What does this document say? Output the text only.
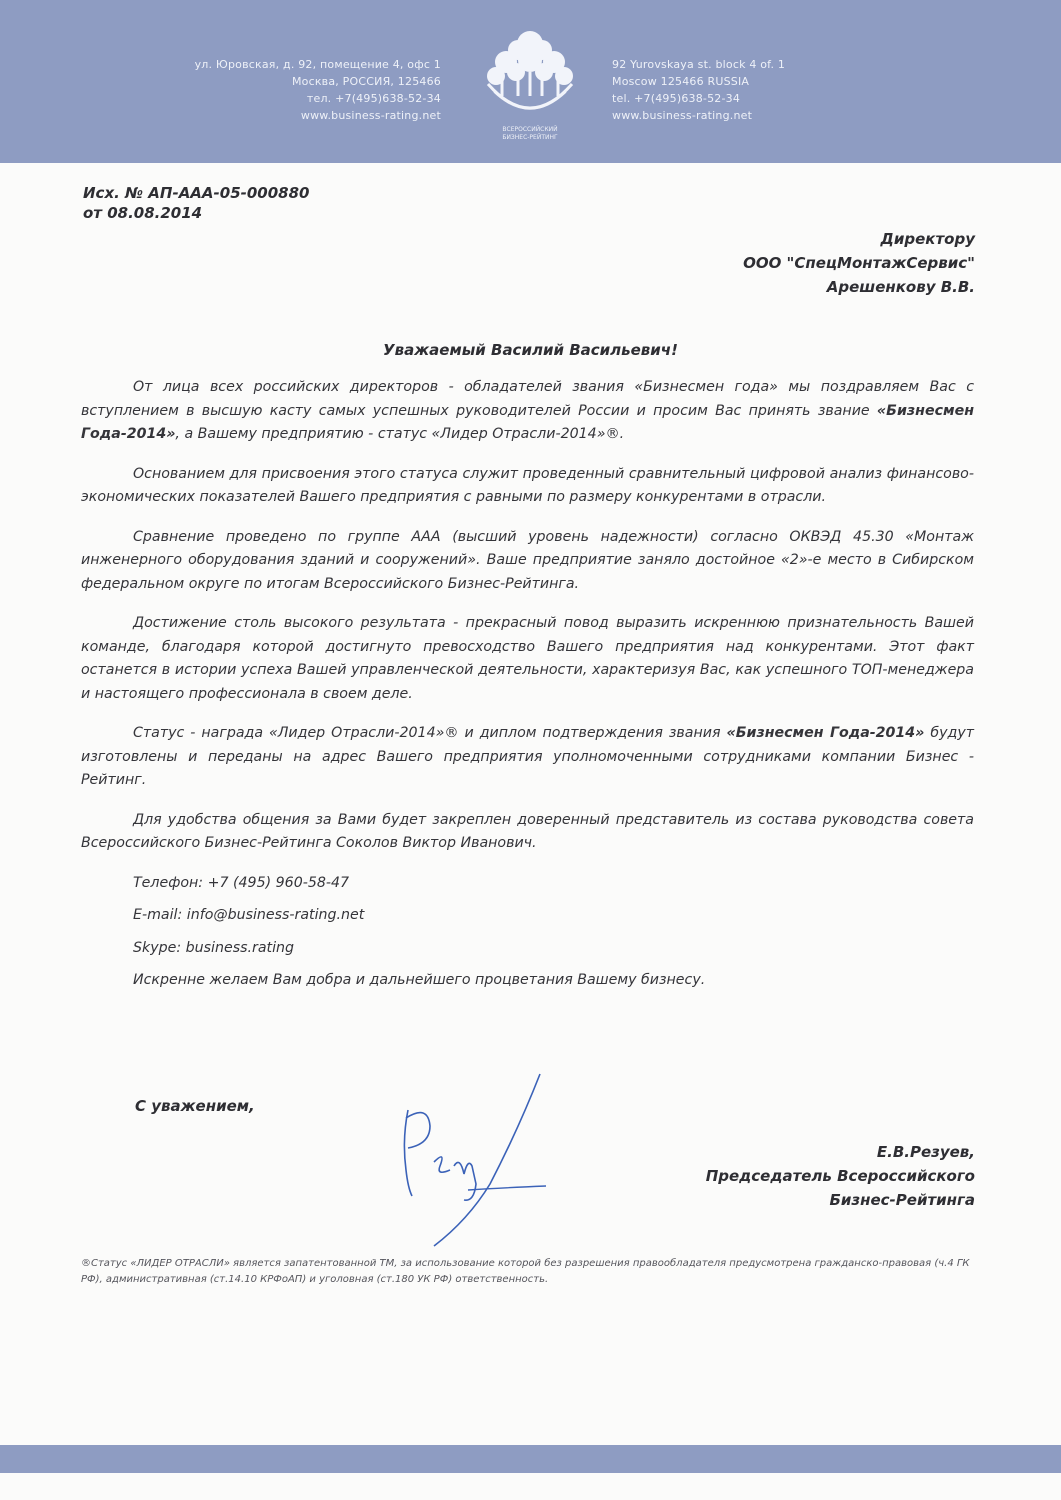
ул. Юровская, д. 92, помещение 4, офс 1
Москва, РОССИЯ, 125466
тел. +7(495)638-52-34
www.business-rating.net
ВСЕРОССИЙСКИЙ
БИЗНЕС-РЕЙТИНГ
92 Yurovskaya st. block 4 of. 1
Moscow 125466 RUSSIA
tel. +7(495)638-52-34
www.business-rating.net
Исх. № АП-ААА-05-000880
от 08.08.2014
Директору
ООО "СпецМонтажСервис"
Арешенкову В.В.
Уважаемый Василий Васильевич!

От лица всех российских директоров - обладателей звания «Бизнесмен года» мы поздравляем Вас с вступлением в высшую касту самых успешных руководителей России и просим Вас принять звание «Бизнесмен Года-2014», а Вашему предприятию - статус «Лидер Отрасли-2014»®.

Основанием для присвоения этого статуса служит проведенный сравнительный цифровой анализ финансово-экономических показателей Вашего предприятия с равными по размеру конкурентами в отрасли.

Сравнение проведено по группе ААА (высший уровень надежности) согласно ОКВЭД 45.30 «Монтаж инженерного оборудования зданий и сооружений». Ваше предприятие заняло достойное «2»-е место в Сибирском федеральном округе по итогам Всероссийского Бизнес-Рейтинга.

Достижение столь высокого результата - прекрасный повод выразить искреннюю признательность Вашей команде, благодаря которой достигнуто превосходство Вашего предприятия над конкурентами. Этот факт останется в истории успеха Вашей управленческой деятельности, характеризуя Вас, как успешного ТОП-менеджера и настоящего профессионала в своем деле.

Статус - награда «Лидер Отрасли-2014»® и диплом подтверждения звания «Бизнесмен Года-2014» будут изготовлены и переданы на адрес Вашего предприятия уполномоченными сотрудниками компании Бизнес - Рейтинг.

Для удобства общения за Вами будет закреплен доверенный представитель из состава руководства совета Всероссийского Бизнес-Рейтинга Соколов Виктор Иванович.

Телефон: +7 (495) 960-58-47

E-mail: info@business-rating.net

Skype: business.rating

Искренне желаем Вам добра и дальнейшего процветания Вашему бизнесу.

С уважением,
Е.В.Резуев,
Председатель Всероссийского
Бизнес-Рейтинга
®Статус «ЛИДЕР ОТРАСЛИ» является запатентованной ТМ, за использование которой без разрешения правообладателя предусмотрена гражданско-правовая (ч.4 ГК РФ), административная (ст.14.10 КРФоАП) и уголовная (ст.180 УК РФ) ответственность.
